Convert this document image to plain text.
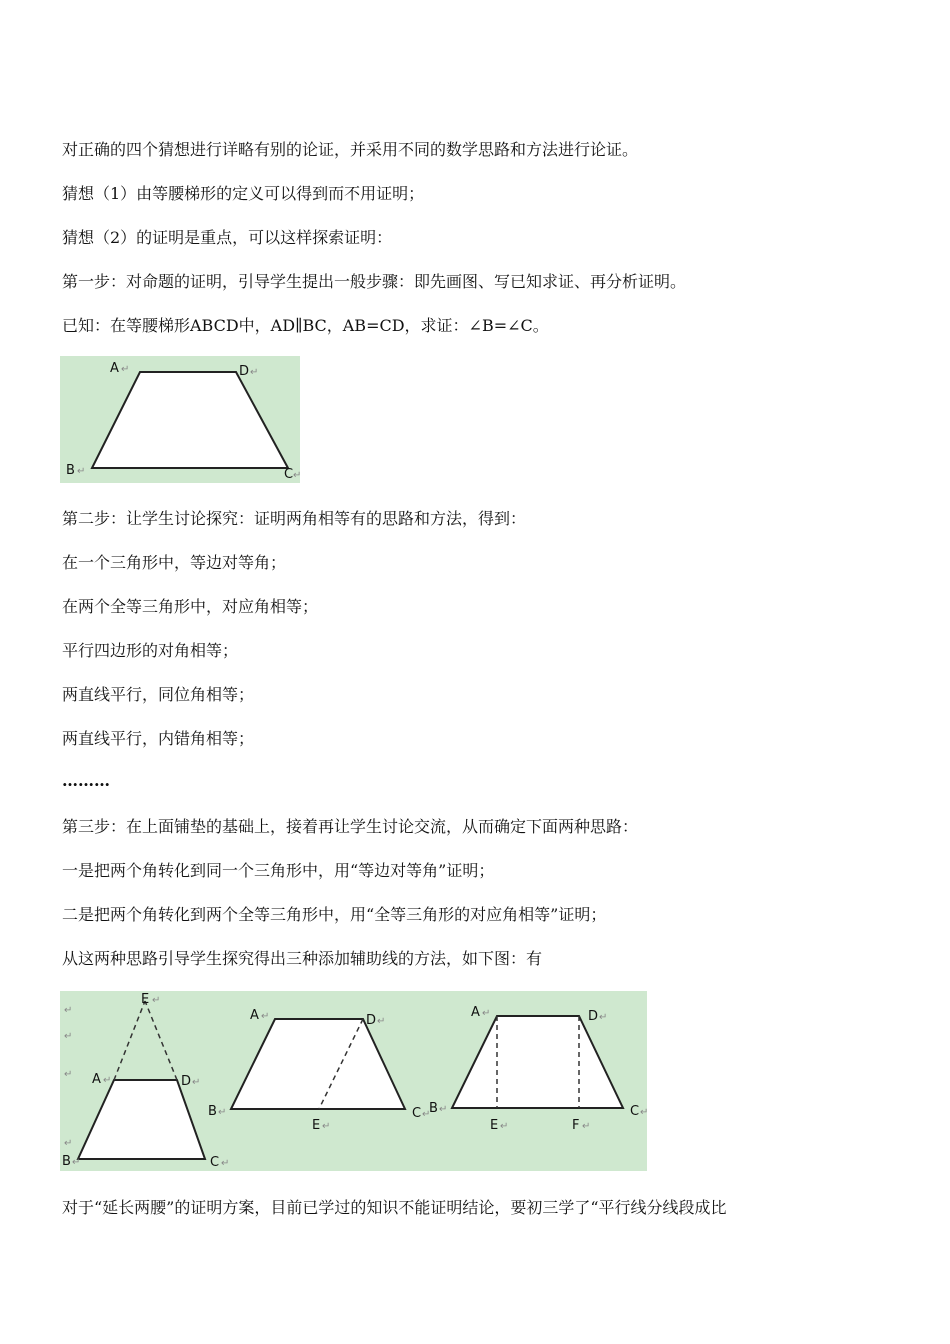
对正确的四个猜想进行详略有别的论证，并采用不同的数学思路和方法进行论证。
猜想（1）由等腰梯形的定义可以得到而不用证明；
猜想（2）的证明是重点，可以这样探索证明：
第一步：对命题的证明，引导学生提出一般步骤：即先画图、写已知求证、再分析证明。
已知：在等腰梯形ABCD中，AD∥BC，AB=CD，求证：∠B=∠C。
A ↵	D ↵
B ↵	C ↵
第二步：让学生讨论探究：证明两角相等有的思路和方法，得到：
在一个三角形中，等边对等角；
在两个全等三角形中，对应角相等；
平行四边形的对角相等；
两直线平行，同位角相等；
两直线平行，内错角相等；
………
第三步：在上面铺垫的基础上，接着再让学生讨论交流，从而确定下面两种思路：
一是把两个角转化到同一个三角形中，用“等边对等角”证明；
二是把两个角转化到两个全等三角形中，用“全等三角形的对应角相等”证明；
从这两种思路引导学生探究得出三种添加辅助线的方法，如下图：有
E ↵
A ↵	D ↵
B ↵	C ↵
↵
↵
↵
↵
A ↵	D ↵
B ↵	C ↵
E ↵
A ↵	D ↵
B ↵	C ↵
E ↵	F ↵
对于“延长两腰”的证明方案，目前已学过的知识不能证明结论，要初三学了“平行线分线段成比
